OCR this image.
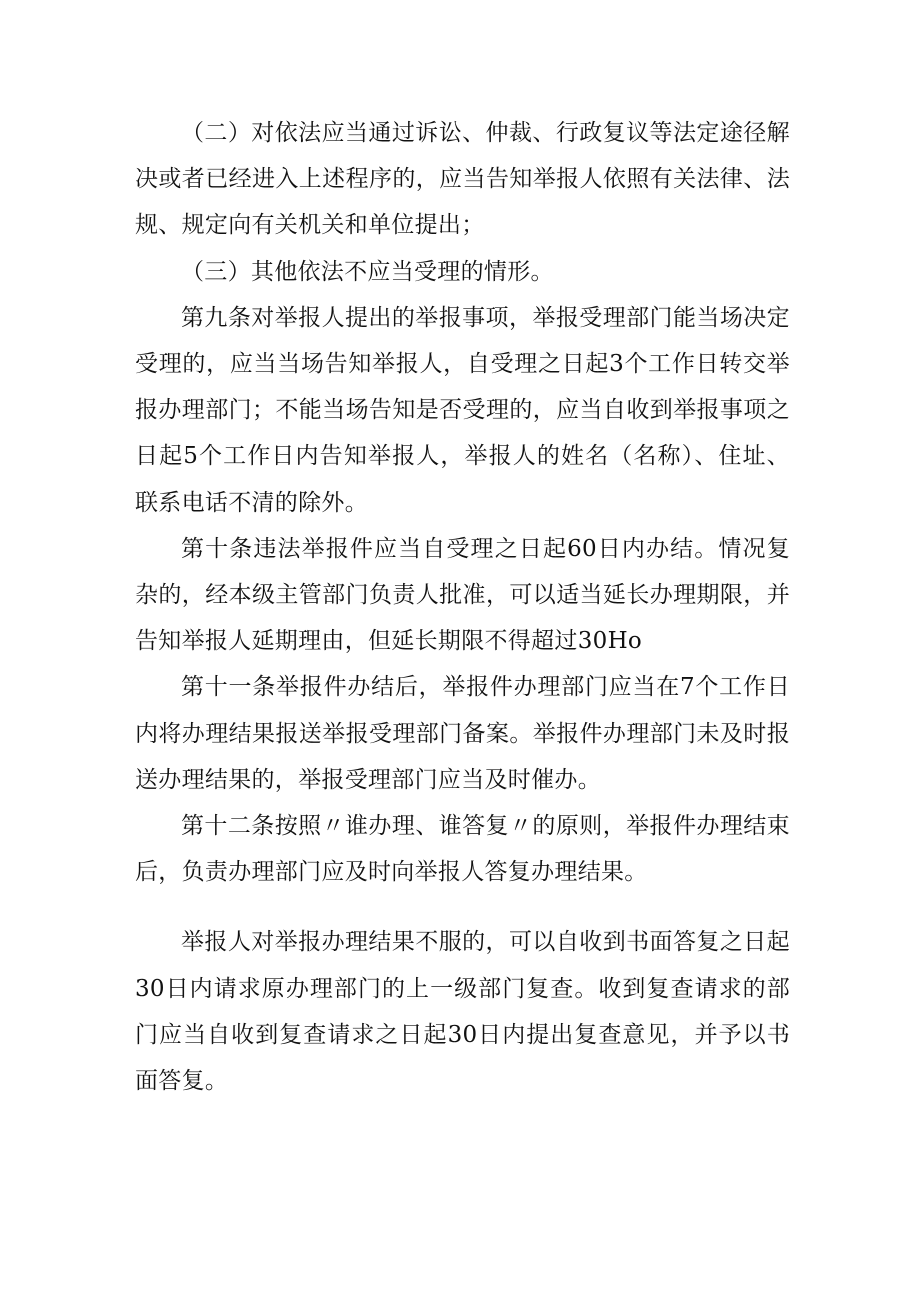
（二）对依法应当通过诉讼、仲裁、行政复议等法定途径解决或者已经进入上述程序的，应当告知举报人依照有关法律、法规、规定向有关机关和单位提出；

（三）其他依法不应当受理的情形。

第九条对举报人提出的举报事项，举报受理部门能当场决定受理的，应当当场告知举报人，自受理之日起3个工作日转交举报办理部门；不能当场告知是否受理的，应当自收到举报事项之日起5个工作日内告知举报人，举报人的姓名（名称）、住址、联系电话不清的除外。

第十条违法举报件应当自受理之日起60日内办结。情况复杂的，经本级主管部门负责人批准，可以适当延长办理期限，并告知举报人延期理由，但延长期限不得超过30Ho

第十一条举报件办结后，举报件办理部门应当在7个工作日内将办理结果报送举报受理部门备案。举报件办理部门未及时报送办理结果的，举报受理部门应当及时催办。

第十二条按照〃谁办理、谁答复〃的原则，举报件办理结束后，负责办理部门应及时向举报人答复办理结果。

举报人对举报办理结果不服的，可以自收到书面答复之日起30日内请求原办理部门的上一级部门复查。收到复查请求的部门应当自收到复查请求之日起30日内提出复查意见，并予以书面答复。
